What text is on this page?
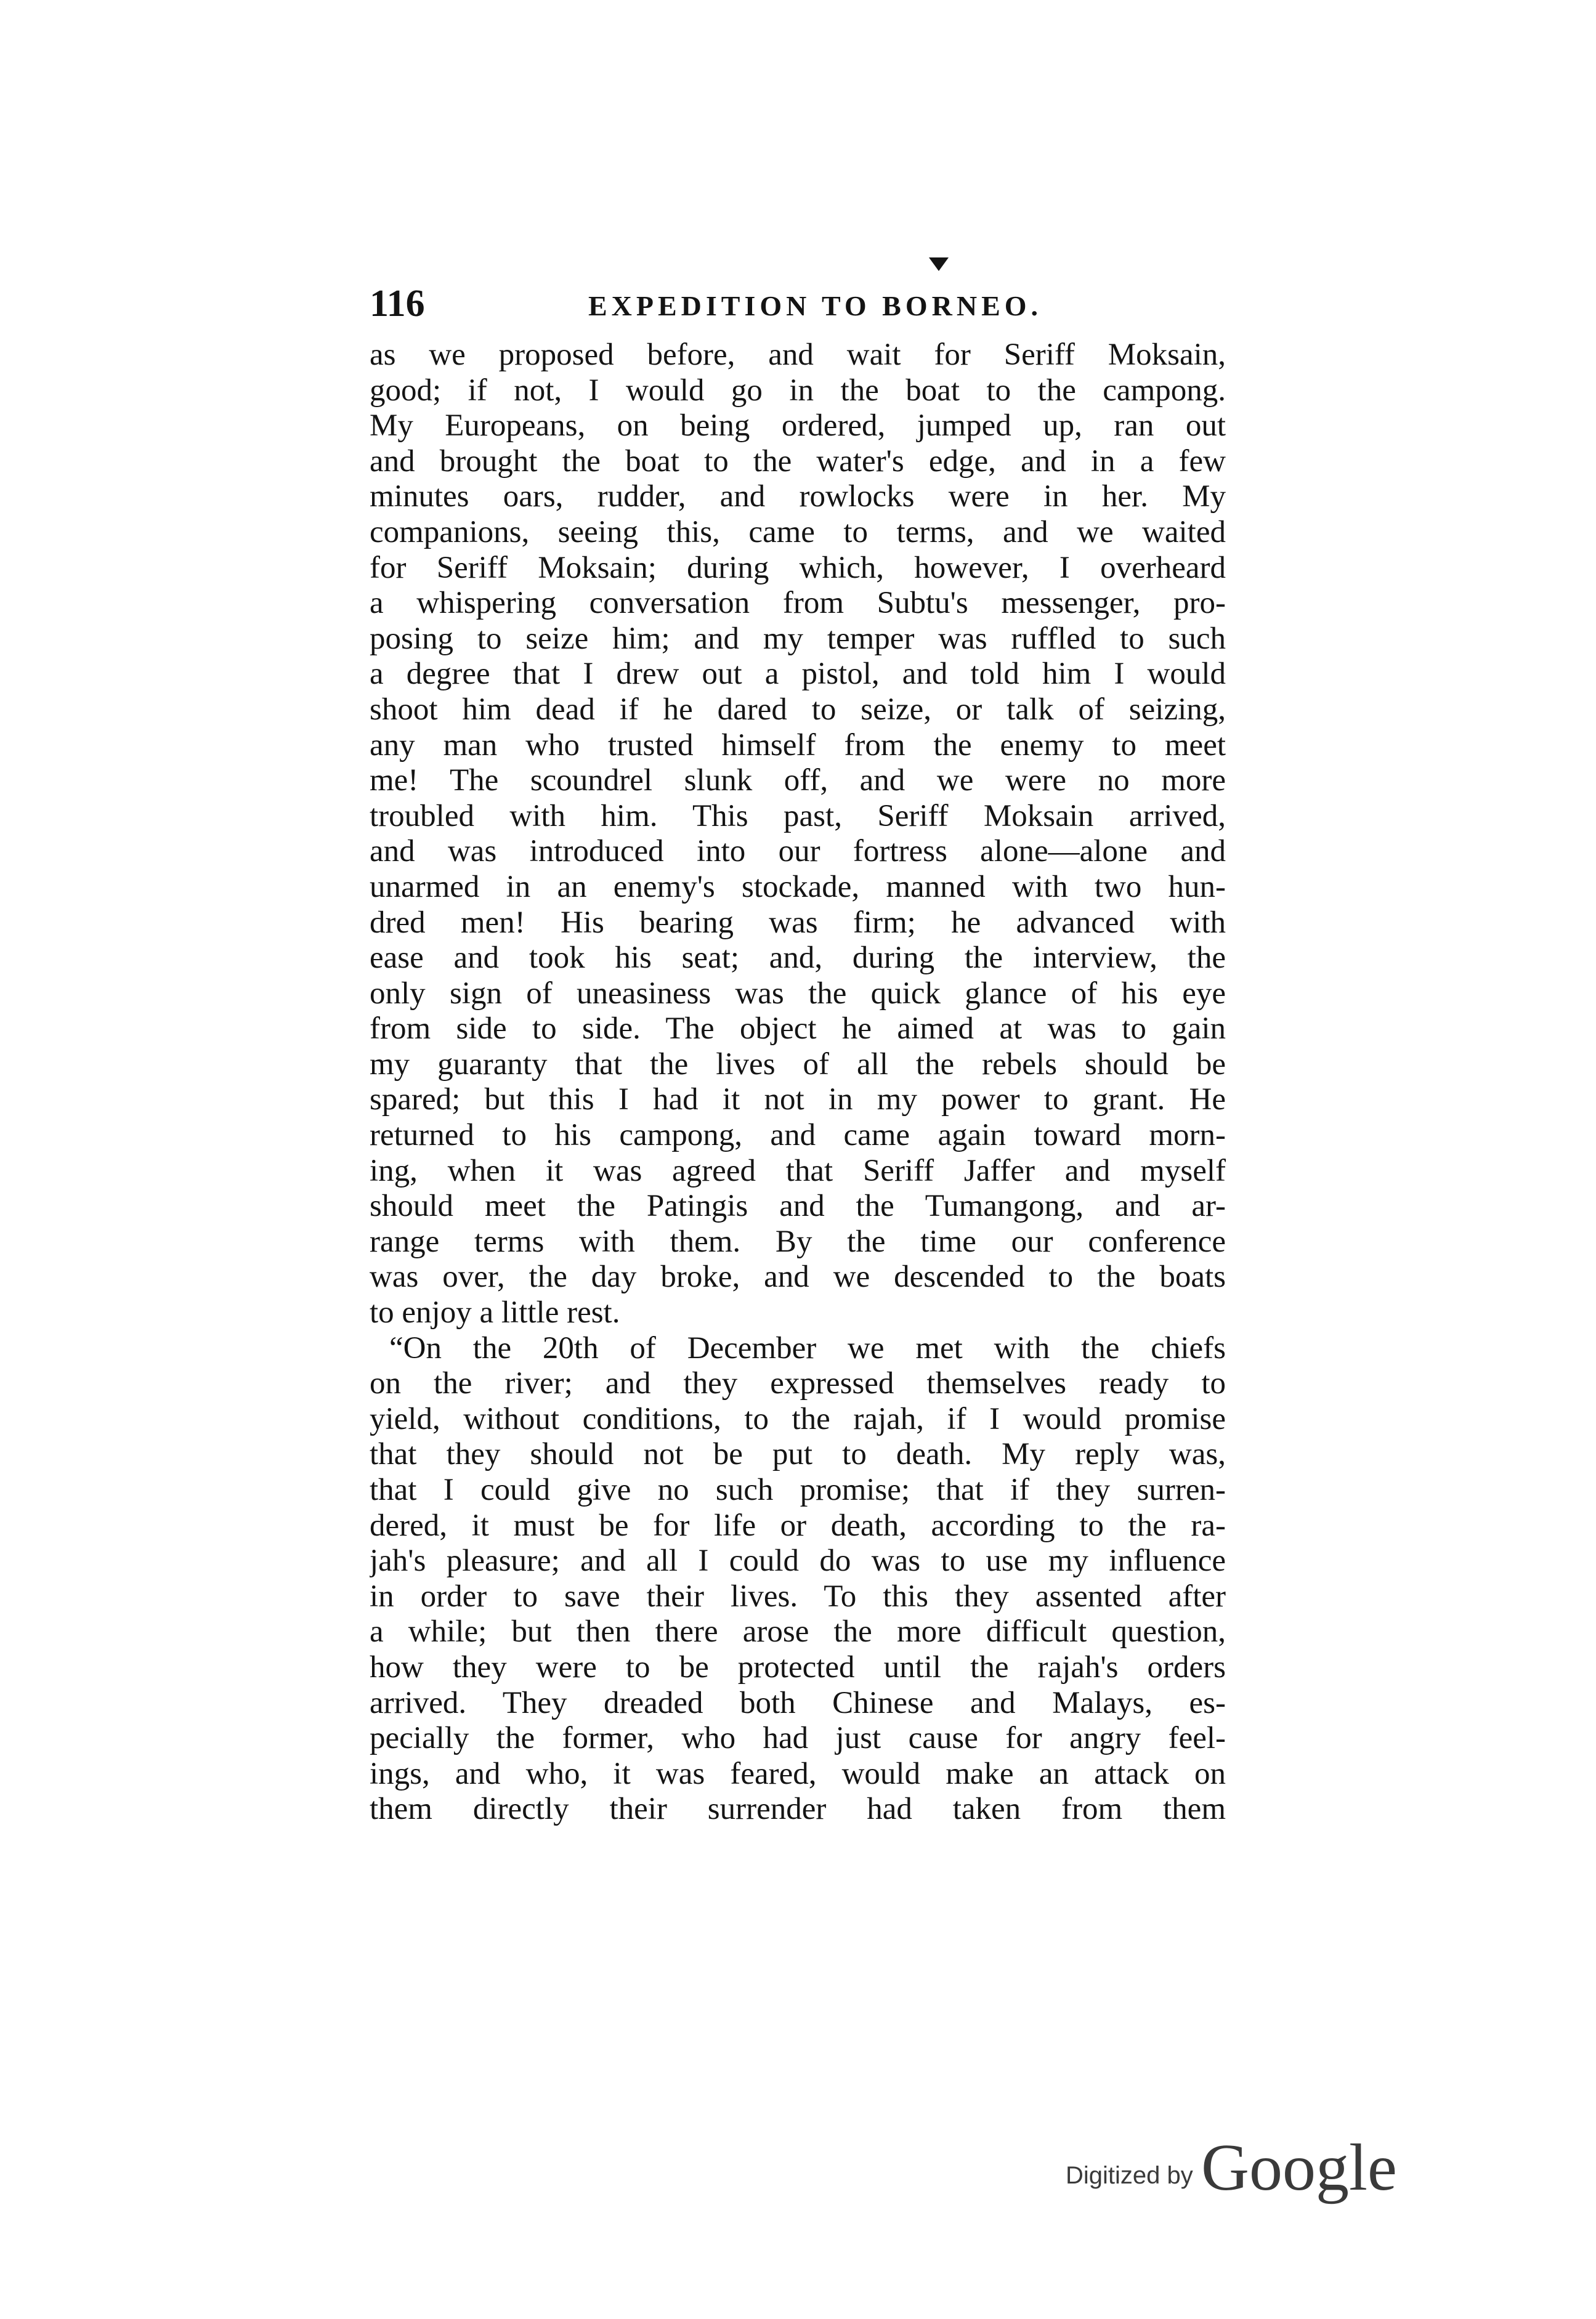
116	EXPEDITION TO BORNEO.
as we proposed before, and wait for Seriff Moksain,
good; if not, I would go in the boat to the campong.
My Europeans, on being ordered, jumped up, ran out
and brought the boat to the water's edge, and in a few
minutes oars, rudder, and rowlocks were in her. My
companions, seeing this, came to terms, and we waited
for Seriff Moksain; during which, however, I overheard
a whispering conversation from Subtu's messenger, pro-
posing to seize him; and my temper was ruffled to such
a degree that I drew out a pistol, and told him I would
shoot him dead if he dared to seize, or talk of seizing,
any man who trusted himself from the enemy to meet
me! The scoundrel slunk off, and we were no more
troubled with him. This past, Seriff Moksain arrived,
and was introduced into our fortress alone—alone and
unarmed in an enemy's stockade, manned with two hun-
dred men! His bearing was firm; he advanced with
ease and took his seat; and, during the interview, the
only sign of uneasiness was the quick glance of his eye
from side to side. The object he aimed at was to gain
my guaranty that the lives of all the rebels should be
spared; but this I had it not in my power to grant. He
returned to his campong, and came again toward morn-
ing, when it was agreed that Seriff Jaffer and myself
should meet the Patingis and the Tumangong, and ar-
range terms with them. By the time our conference
was over, the day broke, and we descended to the boats
to enjoy a little rest.
“On the 20th of December we met with the chiefs
on the river; and they expressed themselves ready to
yield, without conditions, to the rajah, if I would promise
that they should not be put to death. My reply was,
that I could give no such promise; that if they surren-
dered, it must be for life or death, according to the ra-
jah's pleasure; and all I could do was to use my influence
in order to save their lives. To this they assented after
a while; but then there arose the more difficult question,
how they were to be protected until the rajah's orders
arrived. They dreaded both Chinese and Malays, es-
pecially the former, who had just cause for angry feel-
ings, and who, it was feared, would make an attack on
them directly their surrender had taken from them
Digitized by Google
